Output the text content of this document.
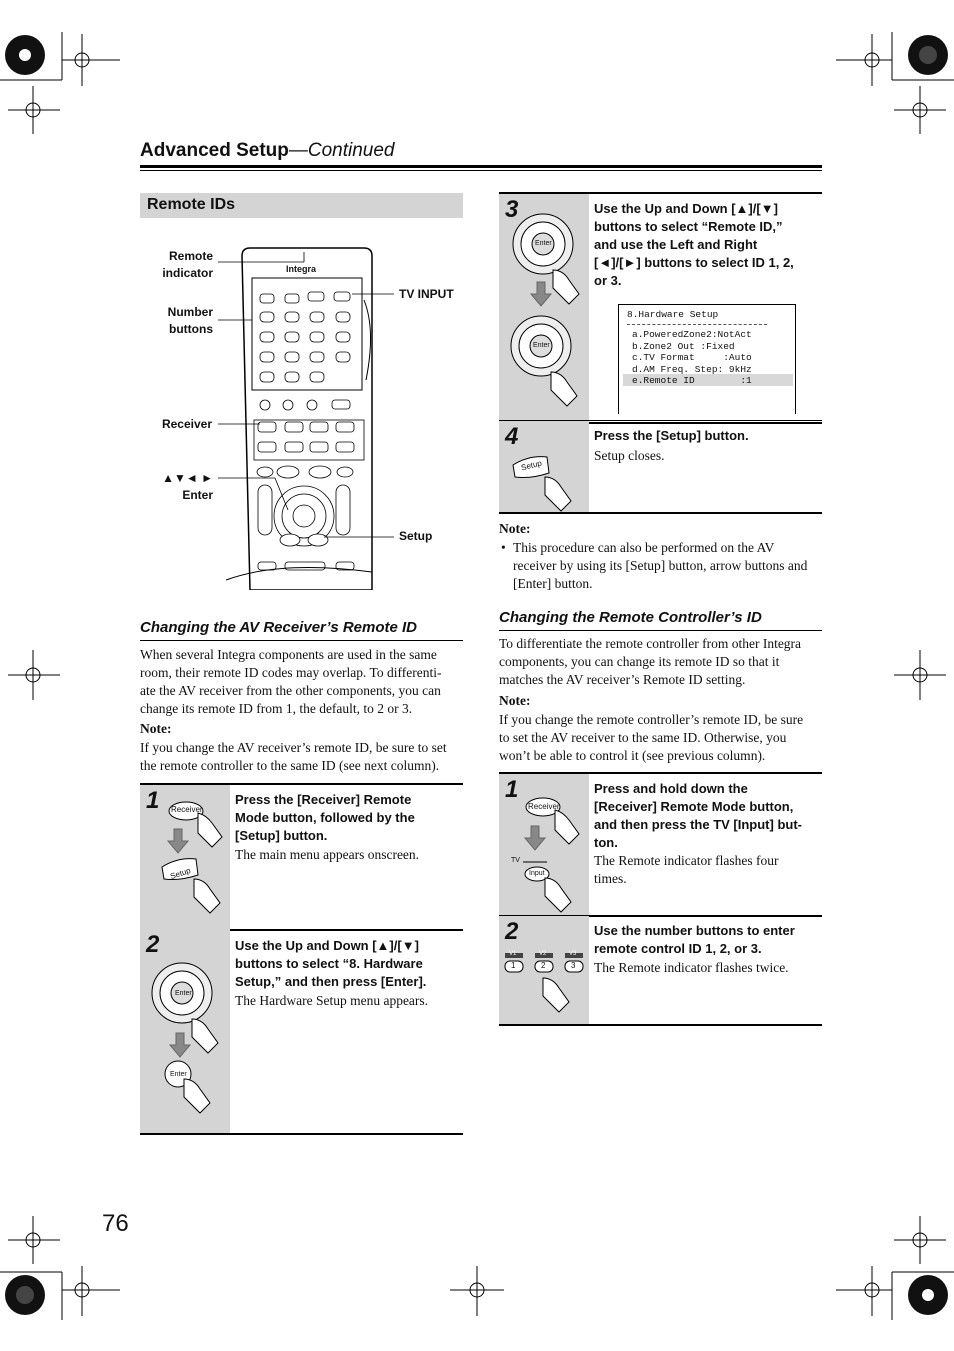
Advanced Setup—Continued
Remote IDs
Remote
indicator
Number
buttons
Receiver
▲▼◄ ►
Enter
TV INPUT
Setup
Integra
Changing the AV Receiver’s Remote ID
When several Integra components are used in the same
room, their remote ID codes may overlap. To differenti-
ate the AV receiver from the other components, you can
change its remote ID from 1, the default, to 2 or 3.
Note:
If you change the AV receiver’s remote ID, be sure to set
the remote controller to the same ID (see next column).
1 Receiver
Setup
Press the [Receiver] Remote
Mode button, followed by the
[Setup] button.
The main menu appears onscreen.
2
Enter
Enter
Use the Up and Down [▲]/[▼]
buttons to select “8. Hardware
Setup,” and then press [Enter].
The Hardware Setup menu appears.
3
Enter
Enter
Use the Up and Down [▲]/[▼]
buttons to select “Remote ID,”
and use the Left and Right
[◄]/[►] buttons to select ID 1, 2,
or 3.
8.Hardware Setup
a.PoweredZone2:NotAct
b.Zone2 Out :Fixed
c.TV Format     :Auto
d.AM Freq. Step: 9kHz
e.Remote ID        :1
4
Setup
Press the [Setup] button.
Setup closes.
Note:
• This procedure can also be performed on the AV
receiver by using its [Setup] button, arrow buttons and
[Enter] button.
Changing the Remote Controller’s ID
To differentiate the remote controller from other Integra
components, you can change its remote ID so that it
matches the AV receiver’s Remote ID setting.
Note:
If you change the remote controller’s remote ID, be sure
to set the AV receiver to the same ID. Otherwise, you
won’t be able to control it (see previous column).
1
Receiver
TV
Input
Press and hold down the
[Receiver] Remote Mode button,
and then press the TV [Input] but-
ton.
The Remote indicator flashes four
times.
2
V1	V2	V3
1	2	3
Use the number buttons to enter
remote control ID 1, 2, or 3.
The Remote indicator flashes twice.
76
